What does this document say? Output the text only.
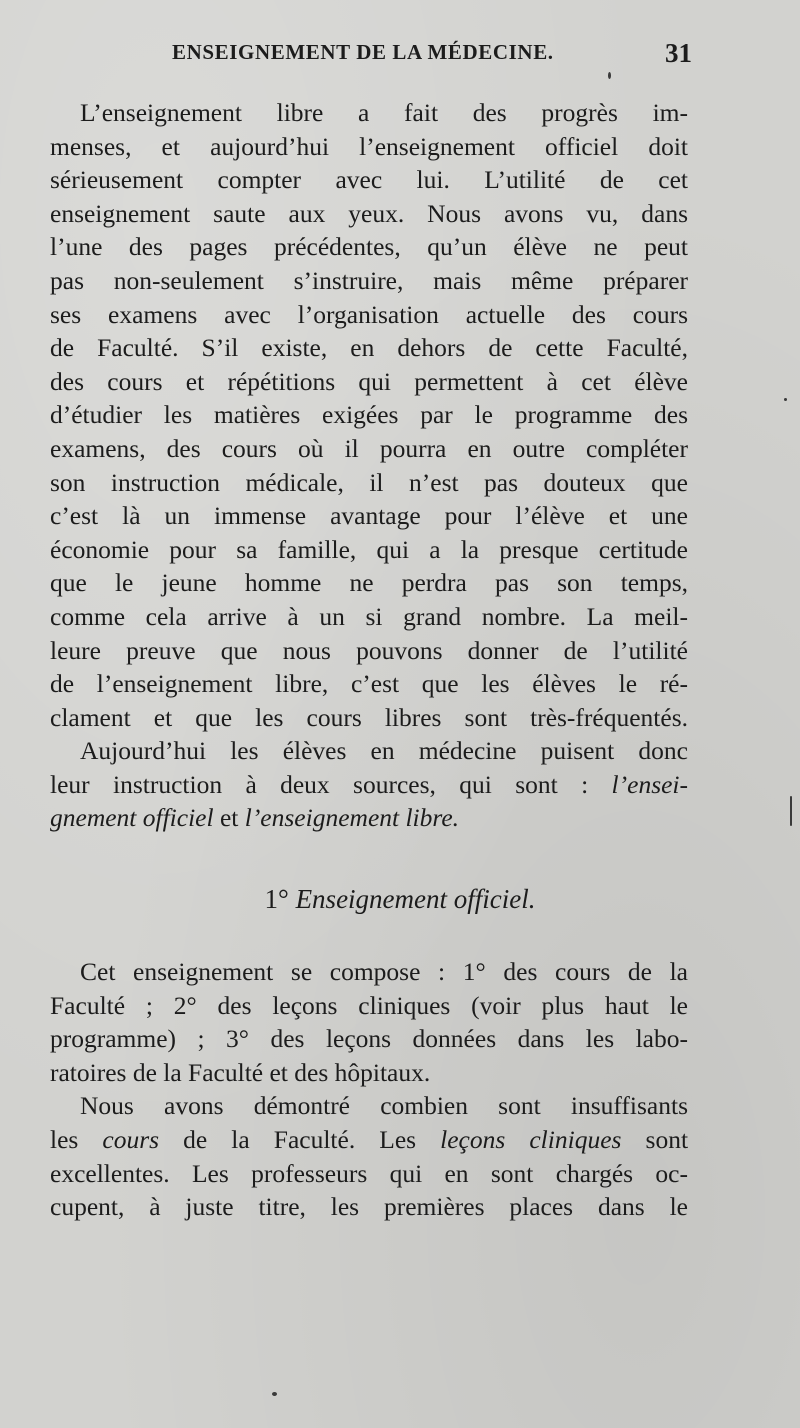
ENSEIGNEMENT DE LA MÉDECINE.	31

L’enseignement libre a fait des progrès im-
menses, et aujourd’hui l’enseignement officiel doit
sérieusement compter avec lui. L’utilité de cet
enseignement saute aux yeux. Nous avons vu, dans
l’une des pages précédentes, qu’un élève ne peut
pas non-seulement s’instruire, mais même préparer
ses examens avec l’organisation actuelle des cours
de Faculté. S’il existe, en dehors de cette Faculté,
des cours et répétitions qui permettent à cet élève
d’étudier les matières exigées par le programme des
examens, des cours où il pourra en outre compléter
son instruction médicale, il n’est pas douteux que
c’est là un immense avantage pour l’élève et une
économie pour sa famille, qui a la presque certitude
que le jeune homme ne perdra pas son temps,
comme cela arrive à un si grand nombre. La meil-
leure preuve que nous pouvons donner de l’utilité
de l’enseignement libre, c’est que les élèves le ré-
clament et que les cours libres sont très-fréquentés.

Aujourd’hui les élèves en médecine puisent donc
leur instruction à deux sources, qui sont : l’ensei-
gnement officiel et l’enseignement libre.

1° Enseignement officiel.

Cet enseignement se compose : 1° des cours de la
Faculté ; 2° des leçons cliniques (voir plus haut le
programme) ; 3° des leçons données dans les labo-
ratoires de la Faculté et des hôpitaux.

Nous avons démontré combien sont insuffisants
les cours de la Faculté. Les leçons cliniques sont
excellentes. Les professeurs qui en sont chargés oc-
cupent, à juste titre, les premières places dans le
